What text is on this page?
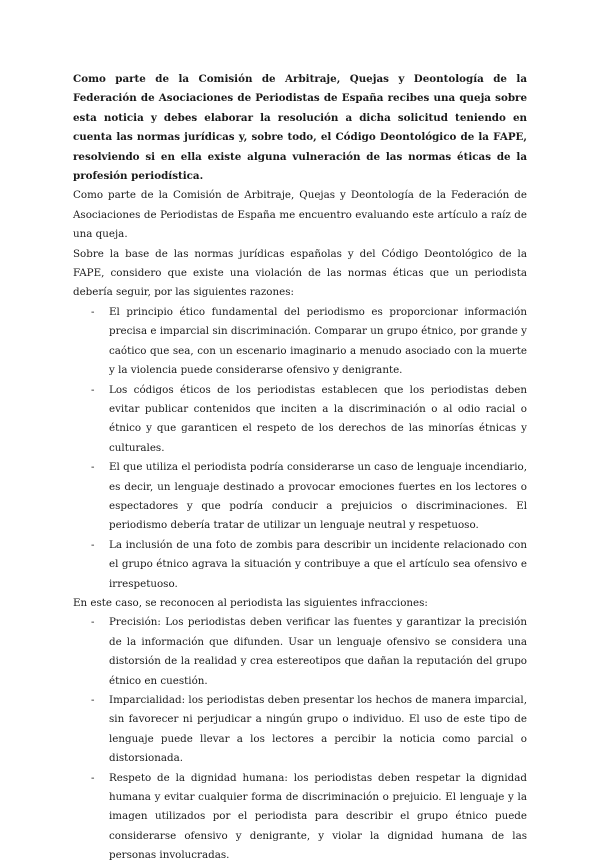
Como parte de la Comisión de Arbitraje, Quejas y Deontología de la Federación de Asociaciones de Periodistas de España recibes una queja sobre esta noticia y debes elaborar la resolución a dicha solicitud teniendo en cuenta las normas jurídicas y, sobre todo, el Código Deontológico de la FAPE, resolviendo si en ella existe alguna vulneración de las normas éticas de la profesión periodística.

Como parte de la Comisión de Arbitraje, Quejas y Deontología de la Federación de Asociaciones de Periodistas de España me encuentro evaluando este artículo a raíz de una queja.

Sobre la base de las normas jurídicas españolas y del Código Deontológico de la FAPE, considero que existe una violación de las normas éticas que un periodista debería seguir, por las siguientes razones:

- El principio ético fundamental del periodismo es proporcionar información precisa e imparcial sin discriminación. Comparar un grupo étnico, por grande y caótico que sea, con un escenario imaginario a menudo asociado con la muerte y la violencia puede considerarse ofensivo y denigrante.
- Los códigos éticos de los periodistas establecen que los periodistas deben evitar publicar contenidos que inciten a la discriminación o al odio racial o étnico y que garanticen el respeto de los derechos de las minorías étnicas y culturales.
- El que utiliza el periodista podría considerarse un caso de lenguaje incendiario, es decir, un lenguaje destinado a provocar emociones fuertes en los lectores o espectadores y que podría conducir a prejuicios o discriminaciones. El periodismo debería tratar de utilizar un lenguaje neutral y respetuoso.
- La inclusión de una foto de zombis para describir un incidente relacionado con el grupo étnico agrava la situación y contribuye a que el artículo sea ofensivo e irrespetuoso.

En este caso, se reconocen al periodista las siguientes infracciones:

- Precisión: Los periodistas deben verificar las fuentes y garantizar la precisión de la información que difunden. Usar un lenguaje ofensivo se considera una distorsión de la realidad y crea estereotipos que dañan la reputación del grupo étnico en cuestión.
- Imparcialidad: los periodistas deben presentar los hechos de manera imparcial, sin favorecer ni perjudicar a ningún grupo o individuo. El uso de este tipo de lenguaje puede llevar a los lectores a percibir la noticia como parcial o distorsionada.
- Respeto de la dignidad humana: los periodistas deben respetar la dignidad humana y evitar cualquier forma de discriminación o prejuicio. El lenguaje y la imagen utilizados por el periodista para describir el grupo étnico puede considerarse ofensivo y denigrante, y violar la dignidad humana de las personas involucradas.
